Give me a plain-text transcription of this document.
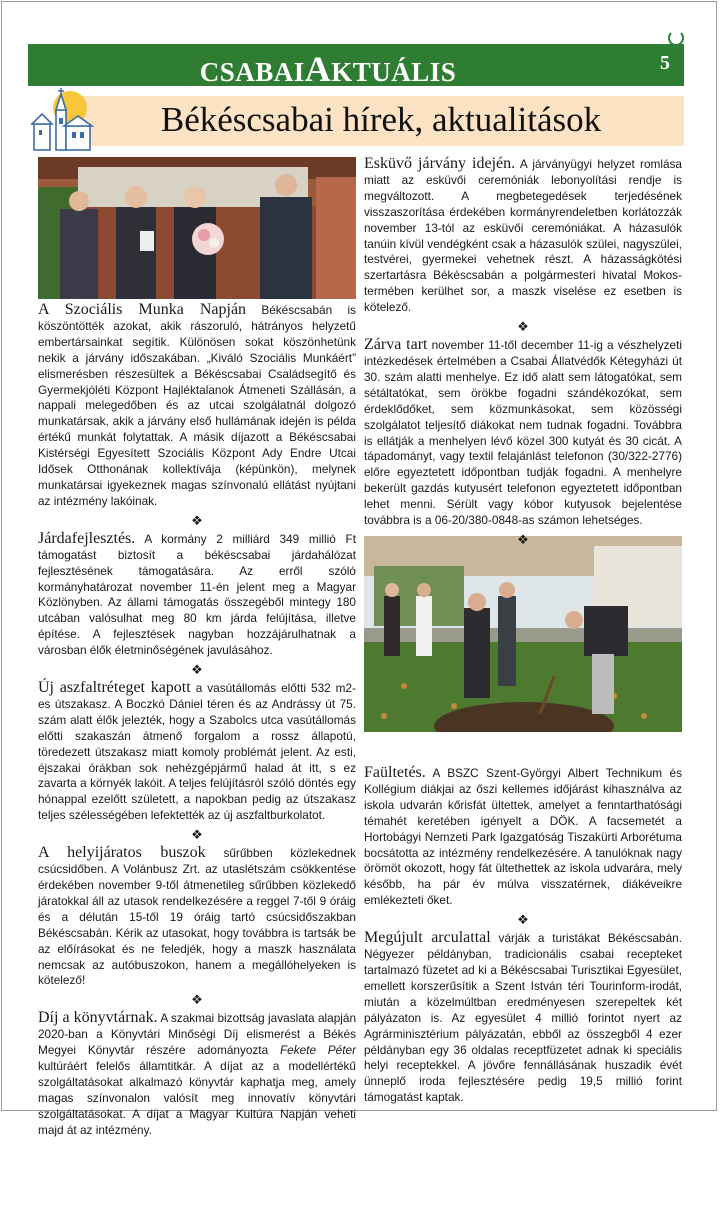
CSABAIAKTUÁLIS	5
Békéscsabai hírek, aktualitások

A Szociális Munka Napján Békéscsabán is köszöntötték azokat, akik rászoruló, hátrányos helyzetű embertársainkat segítik. Különösen sokat köszönhetünk nekik a járvány időszakában. „Kiváló Szociális Munkáért” elismerésben részesültek a Békéscsabai Családsegítő és Gyermekjóléti Központ Hajléktalanok Átmeneti Szállásán, a nappali melegedőben és az utcai szolgálatnál dolgozó munkatársak, akik a járvány első hullámának idején is példa értékű munkát folytattak. A másik díjazott a Békéscsabai Kistérségi Egyesített Szociális Központ Ady Endre Utcai Idősek Otthonának kollektívája (képünkön), melynek munkatársai igyekeznek magas színvonalú ellátást nyújtani az intézmény lakóinak.

❖

Járdafejlesztés. A kormány 2 milliárd 349 millió Ft támogatást biztosít a békéscsabai járdahálózat fejlesztésének támogatására. Az erről szóló kormányhatározat november 11-én jelent meg a Magyar Közlönyben. Az állami támogatás összegéből mintegy 180 utcában valósulhat meg 80 km járda felújítása, illetve építése. A fejlesztések nagyban hozzájárulhatnak a városban élők életminőségének javulásához.

❖

Új aszfaltréteget kapott a vasútállomás előtti 532 m2-es útszakasz. A Boczkó Dániel téren és az Andrássy út 75. szám alatt élők jelezték, hogy a Szabolcs utca vasútállomás előtti szakaszán átmenő forgalom a rossz állapotú, töredezett útszakasz miatt komoly problémát jelent. Az esti, éjszakai órákban sok nehézgépjármű halad át itt, s ez zavarta a környék lakóit. A teljes felújításról szóló döntés egy hónappal ezelőtt született, a napokban pedig az útszakasz teljes szélességében lefektették az új aszfaltburkolatot.

❖

A helyijáratos buszok sűrűbben közlekednek csúcsidőben. A Volánbusz Zrt. az utaslétszám csökkentése érdekében november 9-től átmenetileg sűrűbben közlekedő járatokkal áll az utasok rendelkezésére a reggel 7-től 9 óráig és a délután 15-től 19 óráig tartó csúcsidőszakban Békéscsabán. Kérik az utasokat, hogy továbbra is tartsák be az előírásokat és ne feledjék, hogy a maszk használata nemcsak az autóbuszokon, hanem a megállóhelyeken is kötelező!

❖

Díj a könyvtárnak. A szakmai bizottság javaslata alapján 2020-ban a Könyvtári Minőségi Díj elismerést a Békés Megyei Könyvtár részére adományozta Fekete Péter kultúráért felelős államtitkár. A díjat az a modellértékű szolgáltatásokat alkalmazó könyvtár kaphatja meg, amely magas színvonalon valósít meg innovatív könyvtári szolgáltatásokat. A díjat a Magyar Kultúra Napján veheti majd át az intézmény.

Esküvő járvány idején. A járványügyi helyzet romlása miatt az esküvői ceremóniák lebonyolítási rendje is megváltozott. A megbetegedések terjedésének visszaszorítása érdekében kormányrendeletben korlátozzák november 13-tól az esküvői ceremóniákat. A házasulók tanúin kívül vendégként csak a házasulók szülei, nagyszülei, testvérei, gyermekei vehetnek részt. A házasságkötési szertartásra Békéscsabán a polgármesteri hivatal Mokos-termében kerülhet sor, a maszk viselése ez esetben is kötelező.

❖

Zárva tart november 11-től december 11-ig a vészhelyzeti intézkedések értelmében a Csabai Állatvédők Kétegyházi út 30. szám alatti menhelye. Ez idő alatt sem látogatókat, sem sétáltatókat, sem örökbe fogadni szándékozókat, sem érdeklődőket, sem közmunkásokat, sem közösségi szolgálatot teljesítő diákokat nem tudnak fogadni. Továbbra is ellátják a menhelyen lévő közel 300 kutyát és 30 cicát. A tápadományt, vagy textil felajánlást telefonon (30/322-2776) előre egyeztetett időpontban tudják fogadni. A menhelyre bekerült gazdás kutyusért telefonon egyeztetett időpontban lehet menni. Sérült vagy kóbor kutyusok bejelentése továbbra is a 06-20/380-0848-as számon lehetséges.

❖

Faültetés. A BSZC Szent-Györgyi Albert Technikum és Kollégium diákjai az őszi kellemes időjárást kihasználva az iskola udvarán kőrisfát ültettek, amelyet a fenntarthatósági témahét keretében igényelt a DÖK. A facsemetét a Hortobágyi Nemzeti Park Igazgatóság Tiszakürti Arborétuma bocsátotta az intézmény rendelkezésére. A tanulóknak nagy örömöt okozott, hogy fát ültethettek az iskola udvarára, mely később, ha pár év múlva visszatérnek, diákéveikre emlékezteti őket.

❖

Megújult arculattal várják a turistákat Békéscsabán. Négyezer példányban, tradicionális csabai recepteket tartalmazó füzetet ad ki a Békéscsabai Turisztikai Egyesület, emellett korszerűsítik a Szent István téri Tourinform-irodát, miután a közelmúltban eredményesen szerepeltek két pályázaton is. Az egyesület 4 millió forintot nyert az Agrárminisztérium pályázatán, ebből az összegből 4 ezer példányban egy 36 oldalas receptfüzetet adnak ki speciális helyi receptekkel. A jövőre fennállásának huszadik évét ünneplő iroda fejlesztésére pedig 19,5 millió forint támogatást kaptak.
